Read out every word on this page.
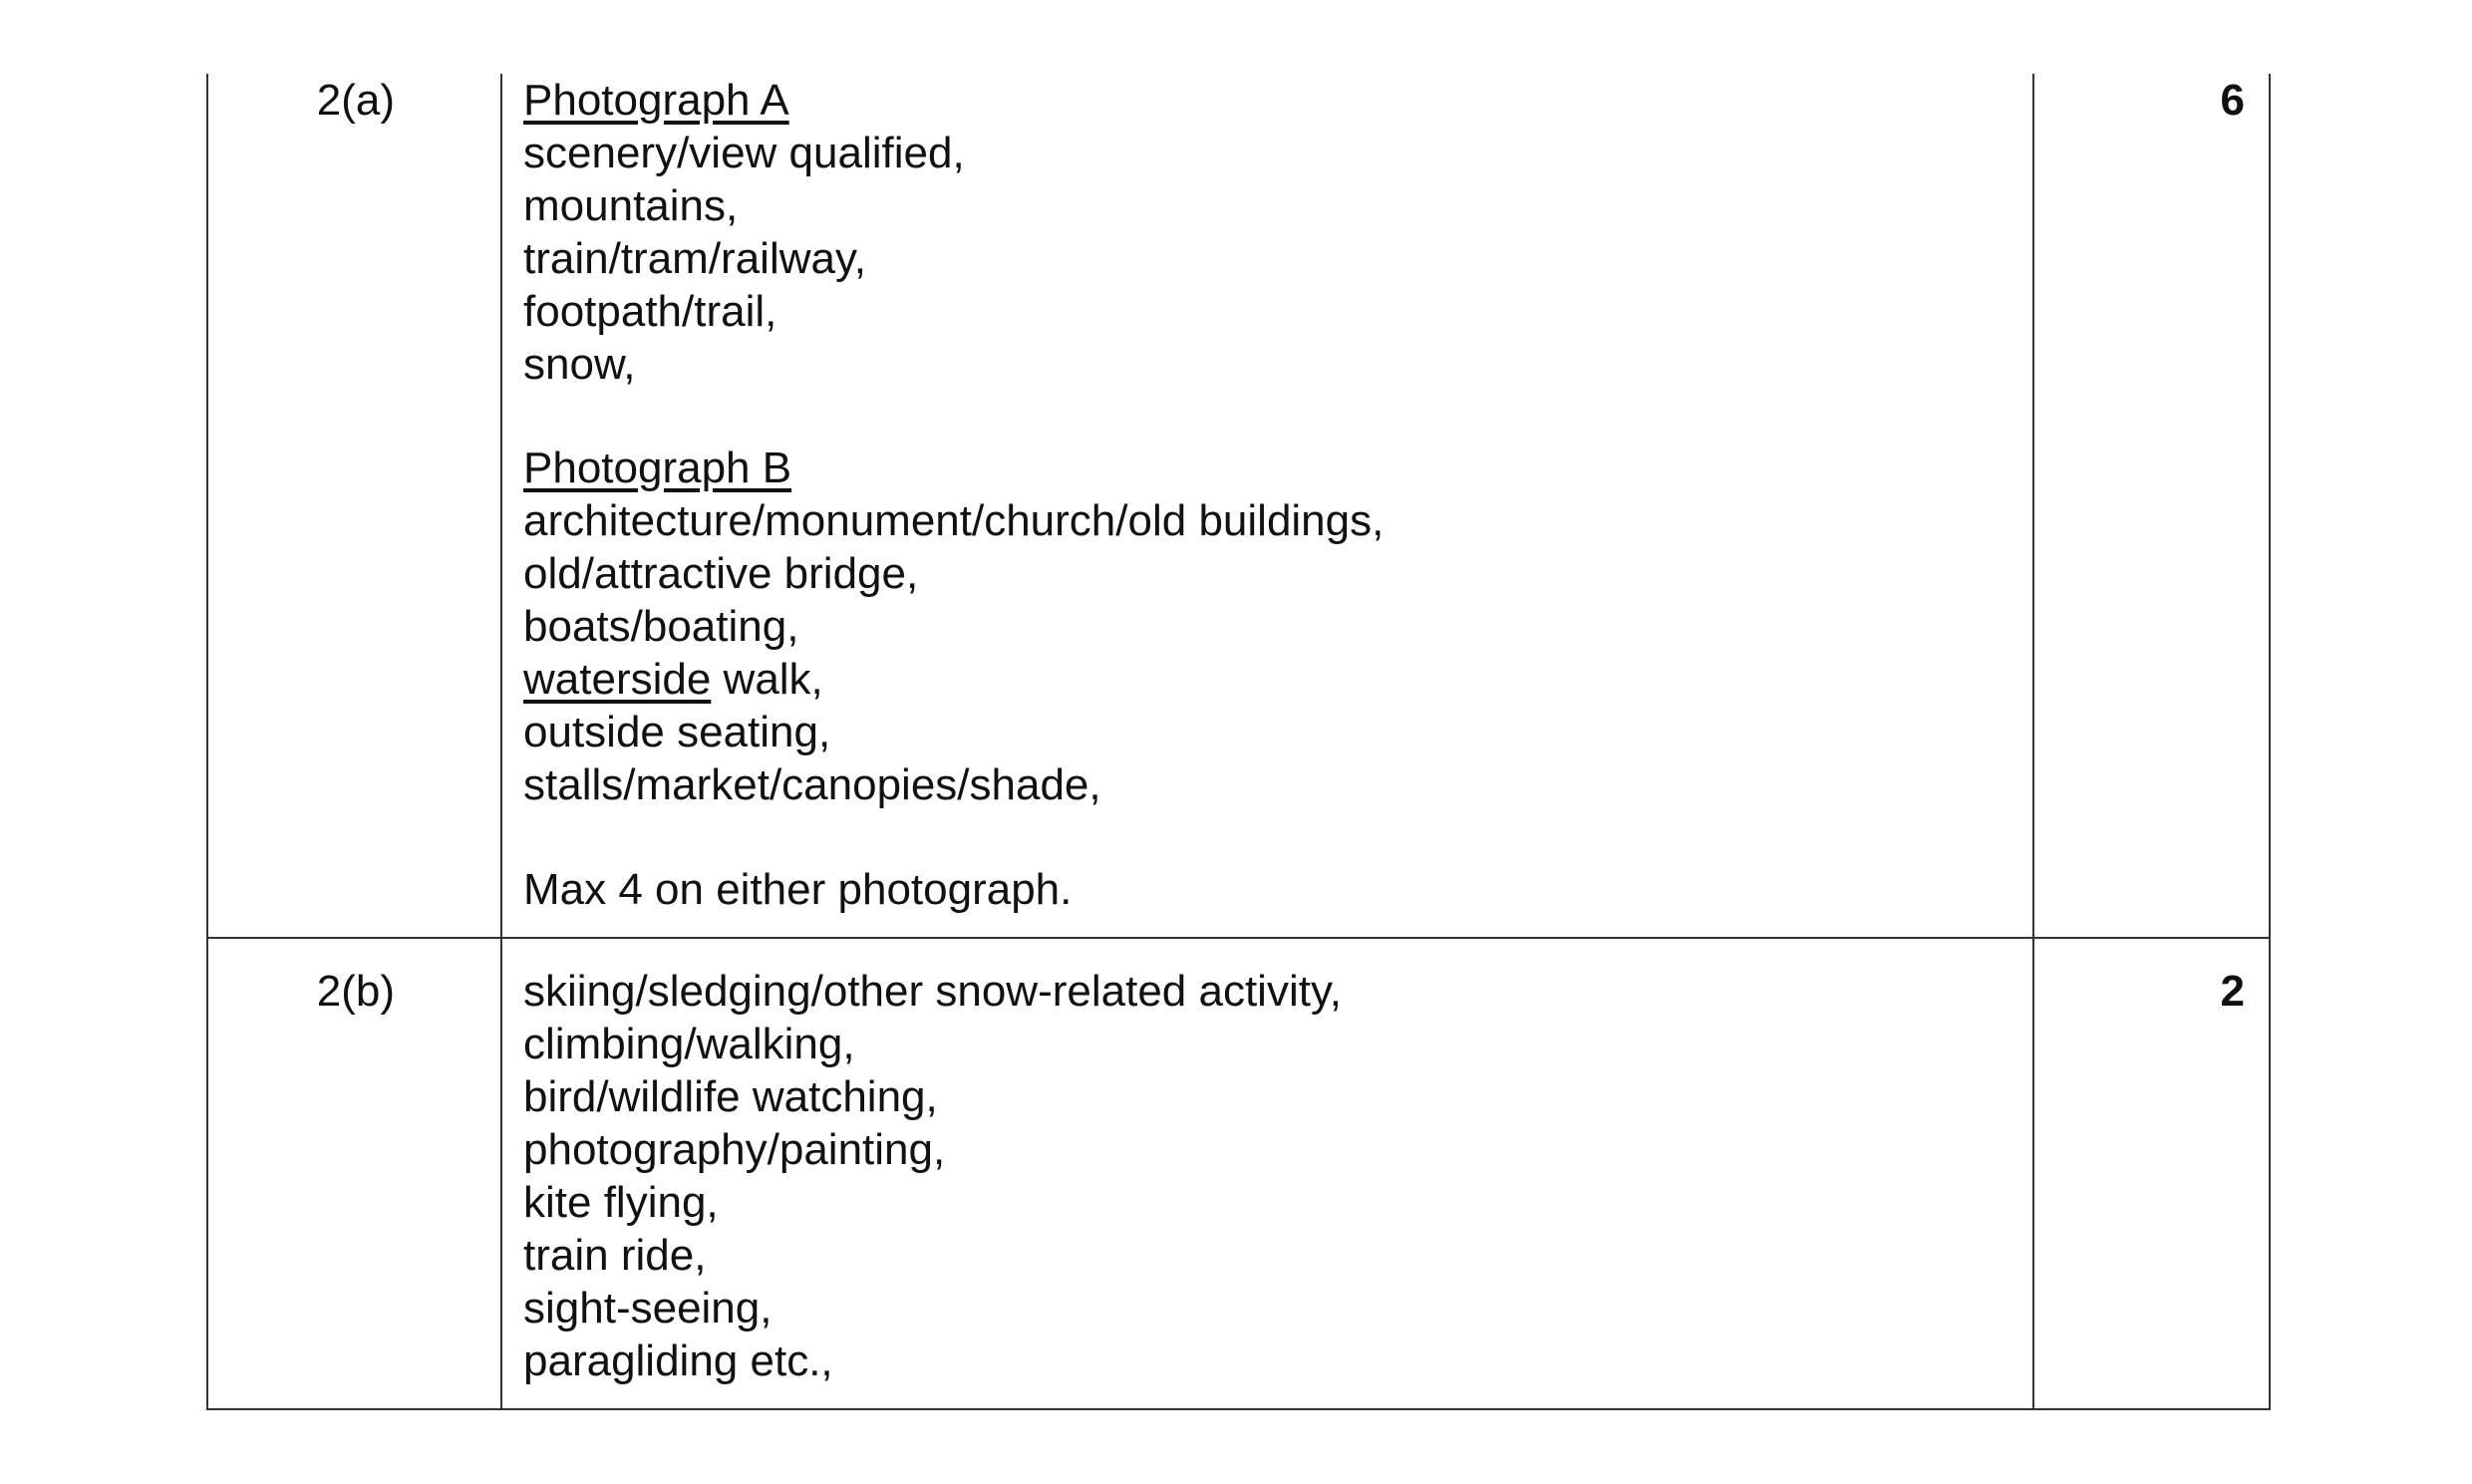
2(a)	6
Photograph A
scenery/view qualified,
mountains,
train/tram/railway,
footpath/trail,
snow,
Photograph B
architecture/monument/church/old buildings,
old/attractive bridge,
boats/boating,
waterside walk,
outside seating,
stalls/market/canopies/shade,
Max 4 on either photograph.
2(b)	2
skiing/sledging/other snow-related activity,
climbing/walking,
bird/wildlife watching,
photography/painting,
kite flying,
train ride,
sight-seeing,
paragliding etc.,
